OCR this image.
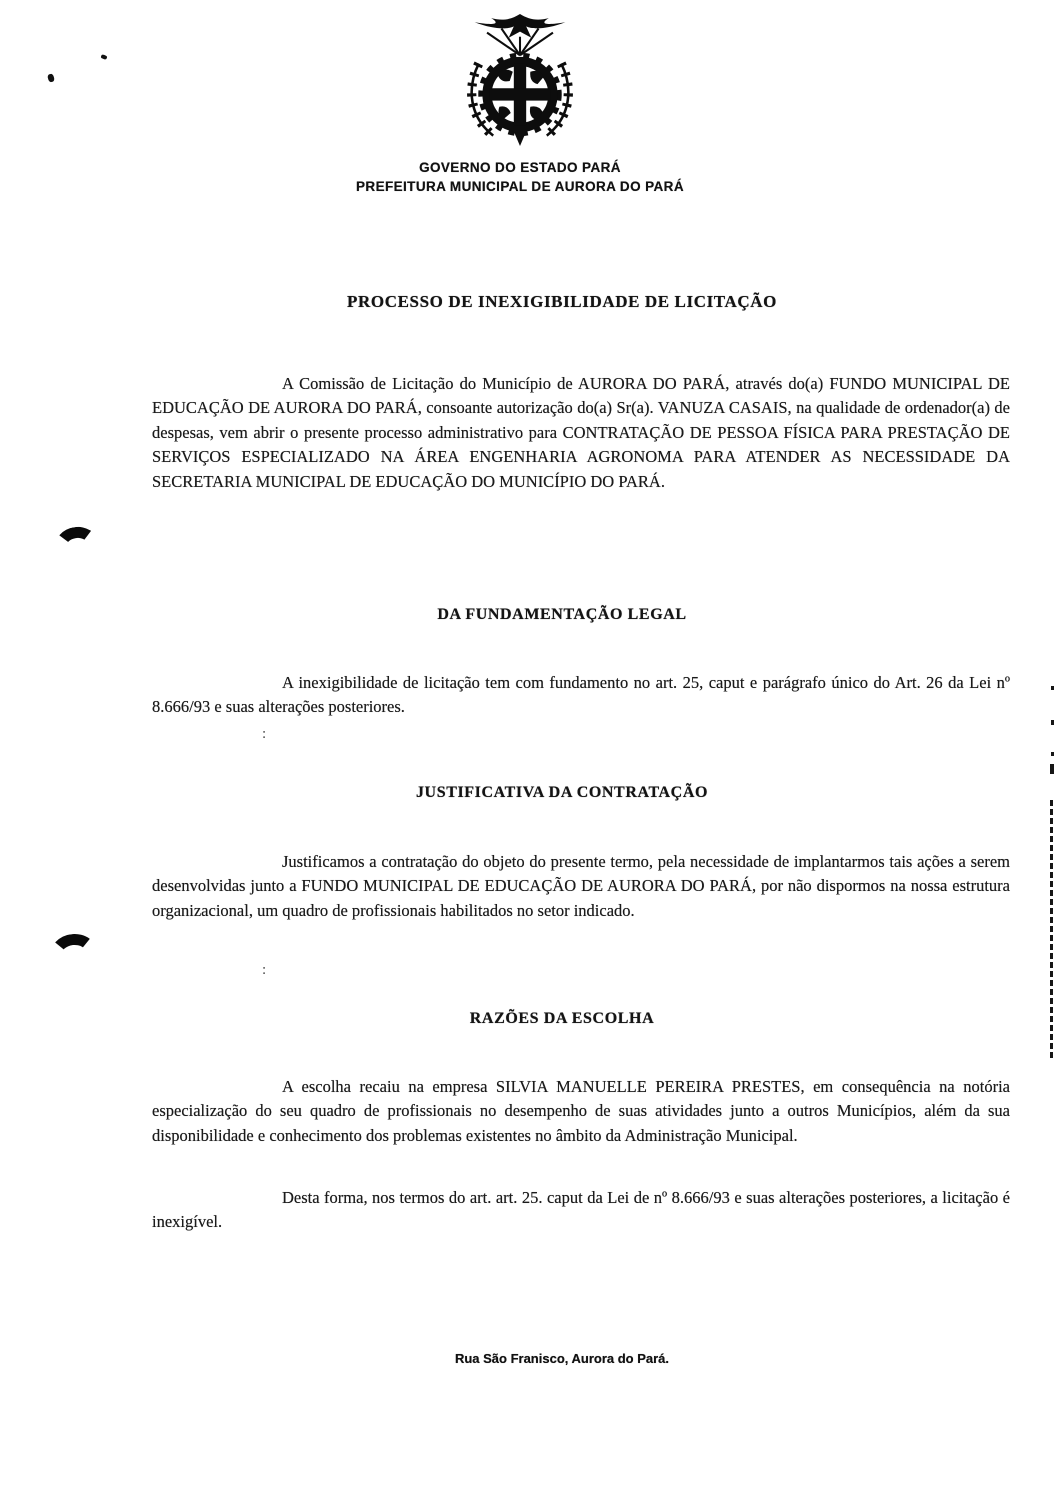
GOVERNO DO ESTADO PARÁ
PREFEITURA MUNICIPAL DE AURORA DO PARÁ
PROCESSO DE INEXIGIBILIDADE DE LICITAÇÃO

A Comissão de Licitação do Município de AURORA DO PARÁ, através do(a) FUNDO MUNICIPAL DE EDUCAÇÃO DE AURORA DO PARÁ, consoante autorização do(a) Sr(a). VANUZA CASAIS, na qualidade de ordenador(a) de despesas, vem abrir o presente processo administrativo para CONTRATAÇÃO DE PESSOA FÍSICA PARA PRESTAÇÃO DE SERVIÇOS ESPECIALIZADO NA ÁREA ENGENHARIA AGRONOMA PARA ATENDER AS NECESSIDADE DA SECRETARIA MUNICIPAL DE EDUCAÇÃO DO MUNICÍPIO DO PARÁ.

DA FUNDAMENTAÇÃO LEGAL

A inexigibilidade de licitação tem com fundamento no art. 25, caput e parágrafo único do Art. 26 da Lei nº 8.666/93 e suas alterações posteriores.

:
JUSTIFICATIVA DA CONTRATAÇÃO

Justificamos a contratação do objeto do presente termo, pela necessidade de implantarmos tais ações a serem desenvolvidas junto a FUNDO MUNICIPAL DE EDUCAÇÃO DE AURORA DO PARÁ, por não dispormos na nossa estrutura organizacional, um quadro de profissionais habilitados no setor indicado.

:
RAZÕES DA ESCOLHA

A escolha recaiu na empresa SILVIA MANUELLE PEREIRA PRESTES, em consequência na notória especialização do seu quadro de profissionais no desempenho de suas atividades junto a outros Municípios, além da sua disponibilidade e conhecimento dos problemas existentes no âmbito da Administração Municipal.

Desta forma, nos termos do art. art. 25. caput da Lei de nº 8.666/93 e suas alterações posteriores, a licitação é inexigível.

Rua São Franisco, Aurora do Pará.
